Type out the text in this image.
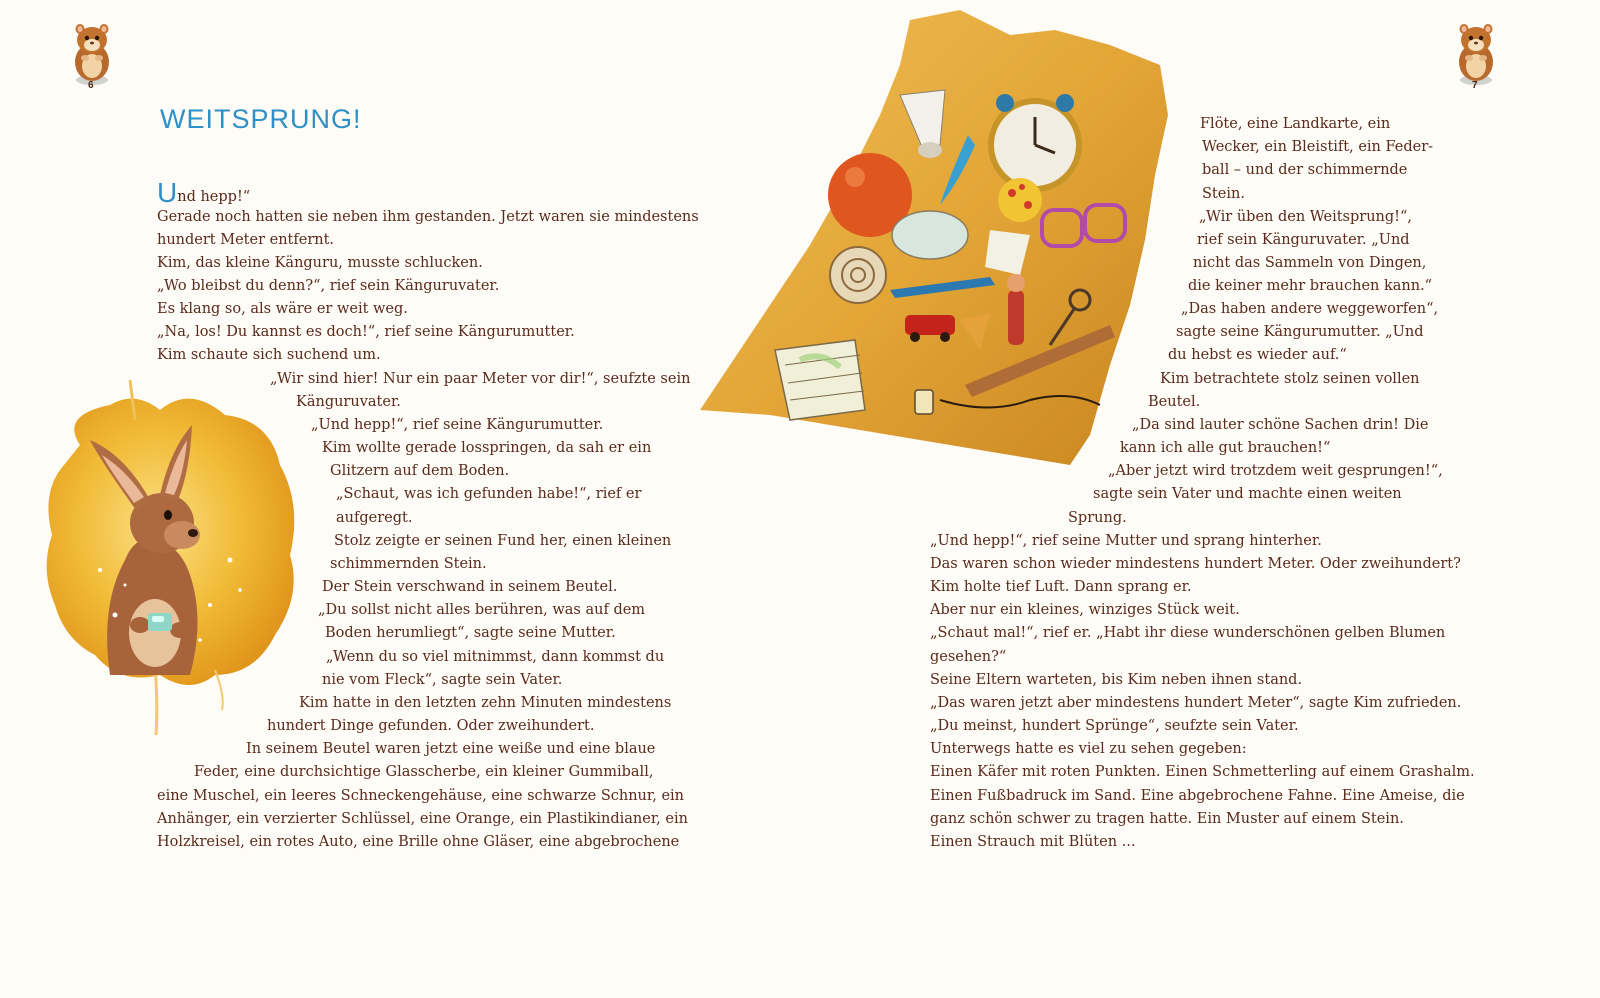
6
WEITSPRUNG!
Und hepp!“
Gerade noch hatten sie neben ihm gestanden. Jetzt waren sie mindestens
hundert Meter entfernt.
Kim, das kleine Känguru, musste schlucken.
„Wo bleibst du denn?“, rief sein Känguruvater.
Es klang so, als wäre er weit weg.
„Na, los! Du kannst es doch!“, rief seine Kängurumutter.
Kim schaute sich suchend um.
„Wir sind hier! Nur ein paar Meter vor dir!“, seufzte sein
Känguruvater.
„Und hepp!“, rief seine Kängurumutter.
Kim wollte gerade losspringen, da sah er ein
Glitzern auf dem Boden.
„Schaut, was ich gefunden habe!“, rief er
aufgeregt.
Stolz zeigte er seinen Fund her, einen kleinen
schimmernden Stein.
Der Stein verschwand in seinem Beutel.
„Du sollst nicht alles berühren, was auf dem
Boden herumliegt“, sagte seine Mutter.
„Wenn du so viel mitnimmst, dann kommst du
nie vom Fleck“, sagte sein Vater.
Kim hatte in den letzten zehn Minuten mindestens
hundert Dinge gefunden. Oder zweihundert.
In seinem Beutel waren jetzt eine weiße und eine blaue
Feder, eine durchsichtige Glasscherbe, ein kleiner Gummiball,
eine Muschel, ein leeres Schneckengehäuse, eine schwarze Schnur, ein
Anhänger, ein verzierter Schlüssel, eine Orange, ein Plastikindianer, ein
Holzkreisel, ein rotes Auto, eine Brille ohne Gläser, eine abgebrochene
7
Flöte, eine Landkarte, ein
Wecker, ein Bleistift, ein Feder-
ball – und der schimmernde
Stein.
„Wir üben den Weitsprung!“,
rief sein Känguruvater. „Und
nicht das Sammeln von Dingen,
die keiner mehr brauchen kann.“
„Das haben andere weggeworfen“,
sagte seine Kängurumutter. „Und
du hebst es wieder auf.“
Kim betrachtete stolz seinen vollen
Beutel.
„Da sind lauter schöne Sachen drin! Die
kann ich alle gut brauchen!“
„Aber jetzt wird trotzdem weit gesprungen!“,
sagte sein Vater und machte einen weiten
Sprung.
„Und hepp!“, rief seine Mutter und sprang hinterher.
Das waren schon wieder mindestens hundert Meter. Oder zweihundert?
Kim holte tief Luft. Dann sprang er.
Aber nur ein kleines, winziges Stück weit.
„Schaut mal!“, rief er. „Habt ihr diese wunderschönen gelben Blumen
gesehen?“
Seine Eltern warteten, bis Kim neben ihnen stand.
„Das waren jetzt aber mindestens hundert Meter“, sagte Kim zufrieden.
„Du meinst, hundert Sprünge“, seufzte sein Vater.
Unterwegs hatte es viel zu sehen gegeben:
Einen Käfer mit roten Punkten. Einen Schmetterling auf einem Grashalm.
Einen Fußbadruck im Sand. Eine abgebrochene Fahne. Eine Ameise, die
ganz schön schwer zu tragen hatte. Ein Muster auf einem Stein.
Einen Strauch mit Blüten ...
